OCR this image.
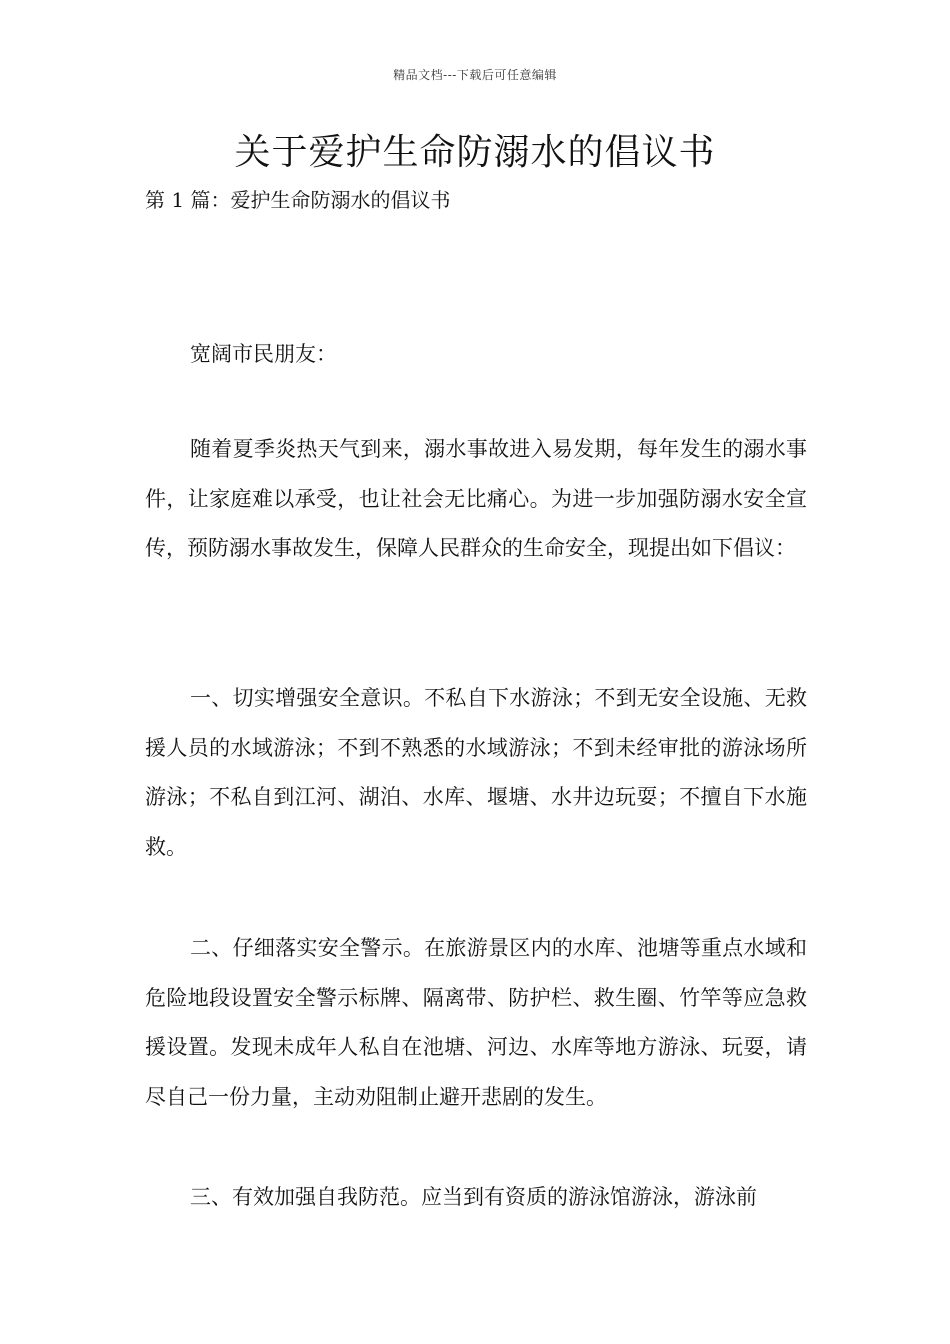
精品文档---下载后可任意编辑
关于爱护生命防溺水的倡议书
第 1 篇：爱护生命防溺水的倡议书
宽阔市民朋友：

随着夏季炎热天气到来，溺水事故进入易发期，每年发生的溺水事件，让家庭难以承受，也让社会无比痛心。为进一步加强防溺水安全宣传，预防溺水事故发生，保障人民群众的生命安全，现提出如下倡议：

一、切实增强安全意识。不私自下水游泳；不到无安全设施、无救援人员的水域游泳；不到不熟悉的水域游泳；不到未经审批的游泳场所游泳；不私自到江河、湖泊、水库、堰塘、水井边玩耍；不擅自下水施救。

二、仔细落实安全警示。在旅游景区内的水库、池塘等重点水域和危险地段设置安全警示标牌、隔离带、防护栏、救生圈、竹竿等应急救援设置。发现未成年人私自在池塘、河边、水库等地方游泳、玩耍，请尽自己一份力量，主动劝阻制止避开悲剧的发生。

三、有效加强自我防范。应当到有资质的游泳馆游泳，游泳前
